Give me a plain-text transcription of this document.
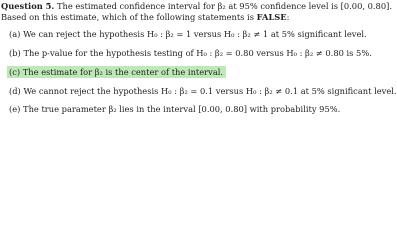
Question 5. The estimated confidence interval for β₂ at 95% confidence level is [0.00, 0.80].
Based on this estimate, which of the following statements is FALSE:
(a) We can reject the hypothesis H₀ : β₂ = 1 versus H₀ : β₂ ≠ 1 at 5% significant level.
(b) The p-value for the hypothesis testing of H₀ : β₂ = 0.80 versus H₀ : β₂ ≠ 0.80 is 5%.
(c) The estimate for β₂ is the center of the interval.
(d) We cannot reject the hypothesis H₀ : β₂ = 0.1 versus H₀ : β₂ ≠ 0.1 at 5% significant level.
(e) The true parameter β₂ lies in the interval [0.00, 0.80] with probability 95%.
